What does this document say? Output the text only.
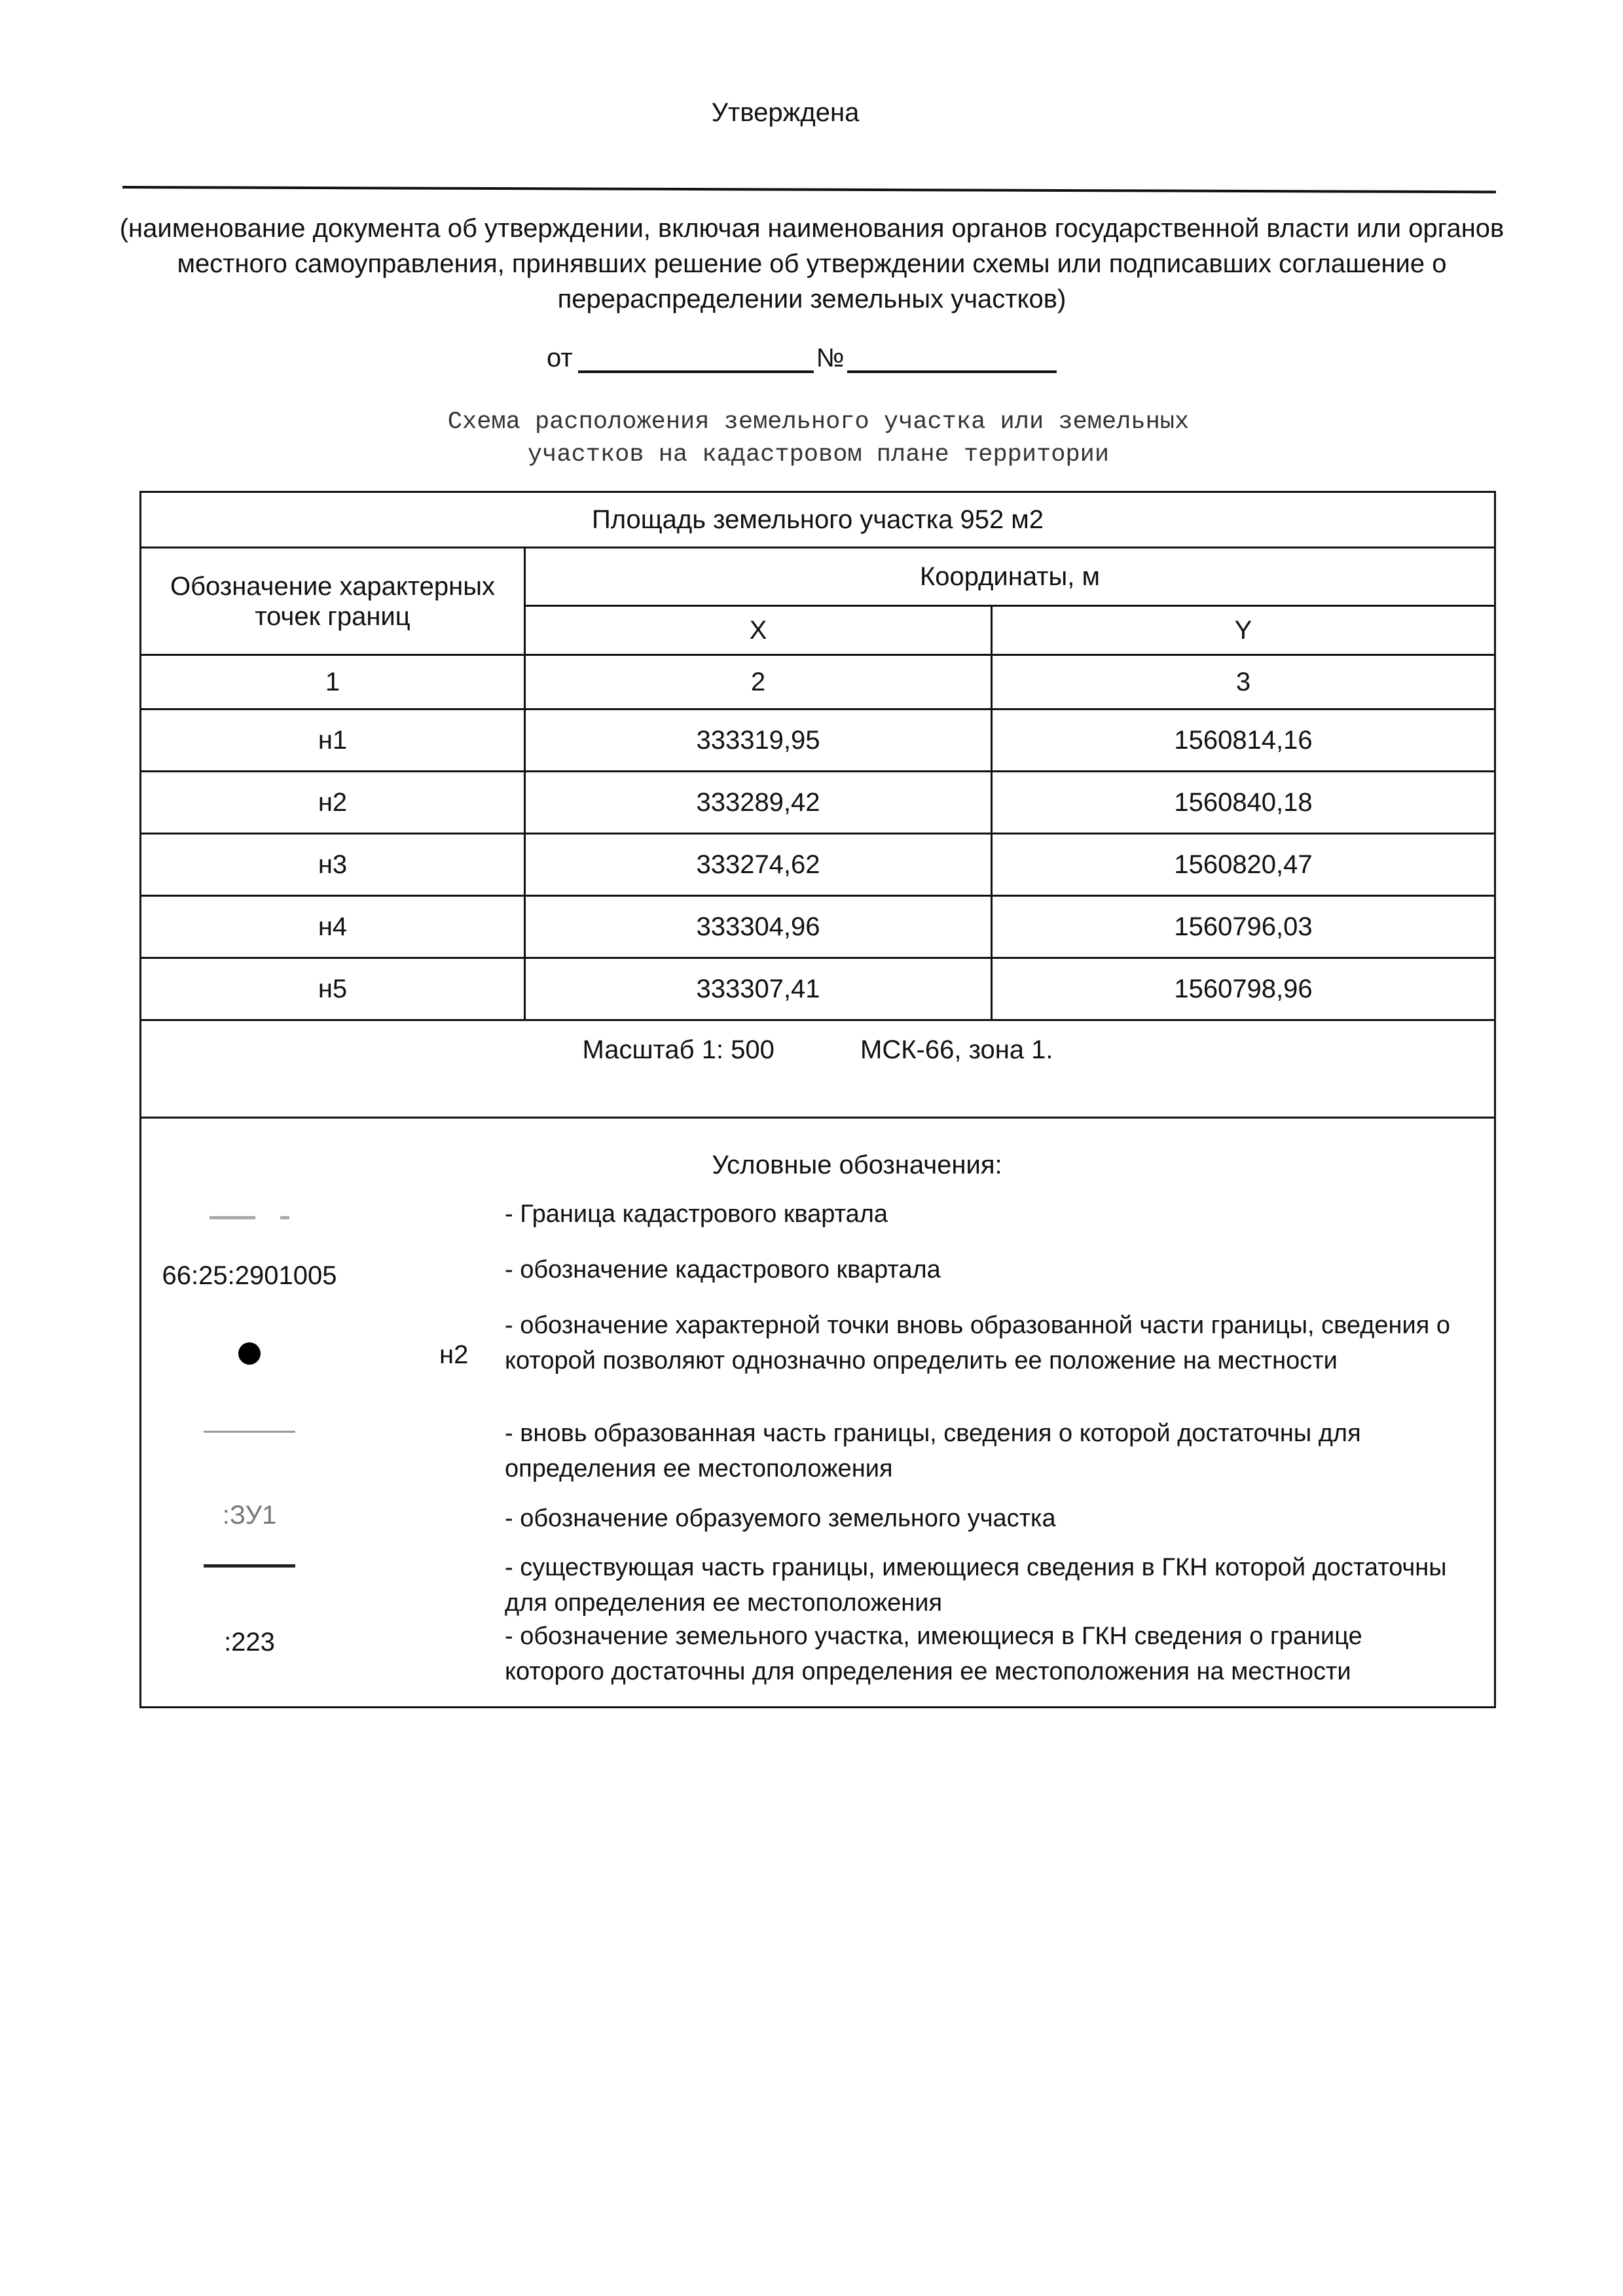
Утверждена
(наименование документа об утверждении, включая наименования органов государственной власти или органов местного самоуправления, принявших решение об утверждении схемы или подписавших соглашение о перераспределении земельных участков)
от	№
Схема расположения земельного участка или земельных
участков на кадастровом плане территории
Площадь земельного участка 952 м2		
Обозначение характерных точек границ	Координаты, м	
	X	Y
1	2	3
н1	333319,95	1560814,16
н2	333289,42	1560840,18
н3	333274,62	1560820,47
н4	333304,96	1560796,03
н5	333307,41	1560798,96
Масштаб 1: 500 МСК-66, зона 1.		
Условные обозначения:
- Граница кадастрового квартала
66:25:2901005	- обозначение кадастрового квартала
н2
- обозначение характерной точки вновь образованной части границы, сведения о которой позволяют однозначно определить ее положение на местности
- вновь образованная часть границы, сведения о которой достаточны для определения ее местоположения
:ЗУ1	- обозначение образуемого земельного участка
- существующая часть границы, имеющиеся сведения в ГКН которой достаточны для определения ее местоположения
:223	- обозначение земельного участка, имеющиеся в ГКН сведения о границе которого достаточны для определения ее местоположения на местности
